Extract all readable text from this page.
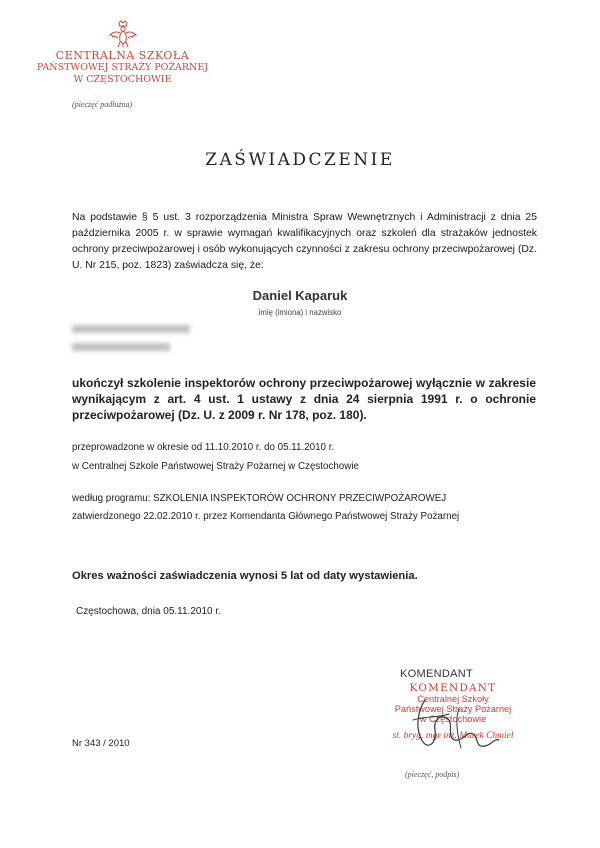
CENTRALNA SZKOŁA
PAŃSTWOWEJ STRAŻY POŻARNEJ
W CZĘSTOCHOWIE
(pieczęć podłużna)
ZAŚWIADCZENIE
Na podstawie § 5 ust. 3 rozporządzenia Ministra Spraw Wewnętrznych i Administracji z dnia 25 października 2005 r. w sprawie wymagań kwalifikacyjnych oraz szkoleń dla strażaków jednostek ochrony przeciwpożarowej i osób wykonujących czynności z zakresu ochrony przeciwpożarowej (Dz. U. Nr 215, poz. 1823) zaświadcza się, że:
Daniel Kaparuk
imię (imiona) i nazwisko
ukończył szkolenie inspektorów ochrony przeciwpożarowej wyłącznie w zakresie wynikającym z art. 4 ust. 1 ustawy z dnia 24 sierpnia 1991 r. o ochronie przeciwpożarowej (Dz. U. z 2009 r. Nr 178, poz. 180).
przeprowadzone w okresie od 11.10.2010 r. do 05.11.2010 r.
w Centralnej Szkole Państwowej Straży Pożarnej w Częstochowie
według programu: SZKOLENIA INSPEKTORÓW OCHRONY PRZECIWPOŻAROWEJ
zatwierdzonego 22.02.2010 r. przez Komendanta Głównego Państwowej Straży Pożarnej
Okres ważności zaświadczenia wynosi 5 lat od daty wystawienia.
Częstochowa, dnia 05.11.2010 r.
KOMENDANT
KOMENDANT
Centralnej Szkoły
Państwowej Straży Pożarnej
w Częstochowie
st. bryg. mgr inż. Marek Chmiel
Nr 343 / 2010
(pieczęć, podpis)
